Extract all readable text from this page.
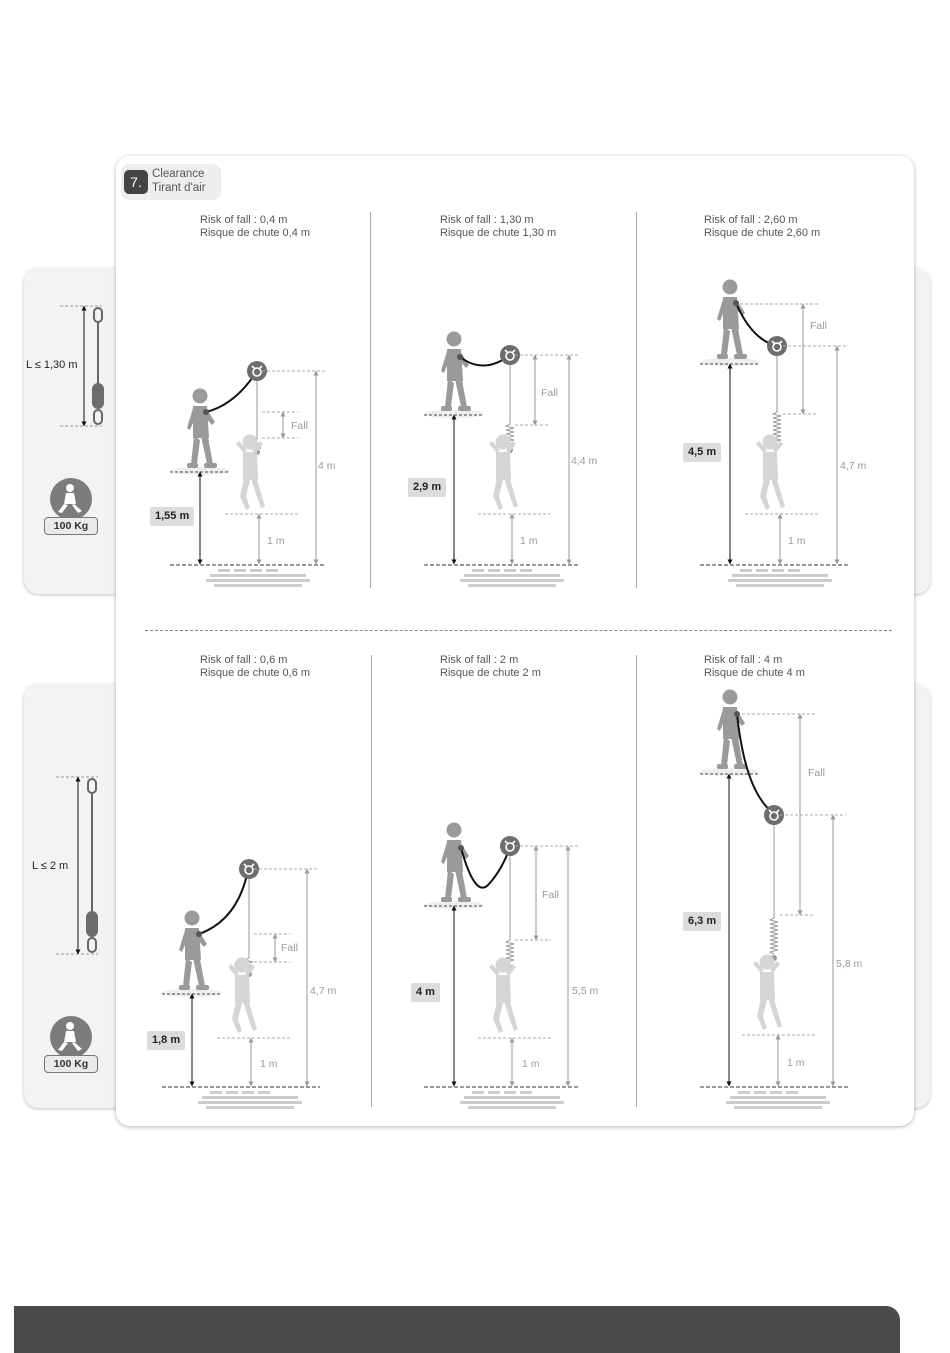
L ≤ 1,30 m
100 Kg
L ≤ 2 m
100 Kg
7. Clearance
Tirant d'air
Risk of fall : 0,4 m
Risque de chute 0,4 m
Risk of fall : 1,30 m
Risque de chute 1,30 m
Risk of fall : 2,60 m
Risque de chute 2,60 m
Risk of fall : 0,6 m
Risque de chute 0,6 m
Risk of fall : 2 m
Risque de chute 2 m
Risk of fall : 4 m
Risque de chute 4 m
Fall
4 m
1 m
1,55 m
Fall
4,4 m
1 m
2,9 m
Fall
4,7 m
1 m
4,5 m
Fall
4,7 m
1 m
1,8 m
Fall
5,5 m
1 m
4 m
Fall
5,8 m
1 m
6,3 m
